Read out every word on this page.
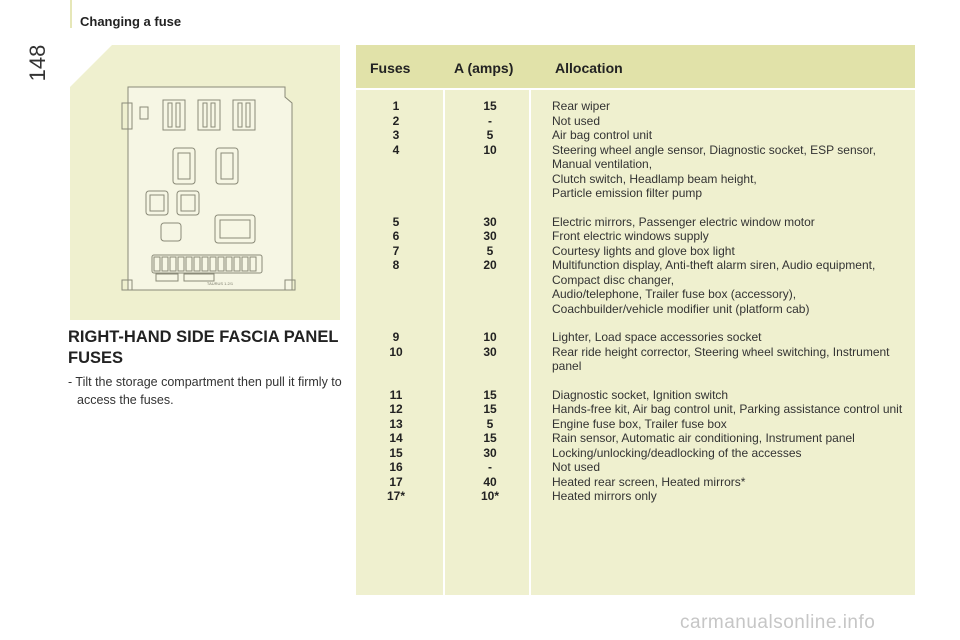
148
Changing a fuse
TAURUS 1.2/1
RIGHT-HAND SIDE FASCIA PANEL FUSES
- Tilt the storage compartment then pull it firmly to access the fuses.
Fuses	A (amps)	Allocation
1	15	Rear wiper
2	-	Not used
3	5	Air bag control unit
4	10	Steering wheel angle sensor, Diagnostic socket, ESP sensor,
Manual ventilation,
Clutch switch, Headlamp beam height,
Particle emission filter pump
5	30	Electric mirrors, Passenger electric window motor
6	30	Front electric windows supply
7	5	Courtesy lights and glove box light
8	20	Multifunction display, Anti-theft alarm siren, Audio equipment,
Compact disc changer,
Audio/telephone, Trailer fuse box (accessory),
Coachbuilder/vehicle modifier unit (platform cab)
9	10	Lighter, Load space accessories socket
10	30	Rear ride height corrector, Steering wheel switching, Instrument
panel
11	15	Diagnostic socket, Ignition switch
12	15	Hands-free kit, Air bag control unit, Parking assistance control unit
13	5	Engine fuse box, Trailer fuse box
14	15	Rain sensor, Automatic air conditioning, Instrument panel
15	30	Locking/unlocking/deadlocking of the accesses
16	-	Not used
17	40	Heated rear screen, Heated mirrors*
17*	10*	Heated mirrors only
carmanualsonline.info
